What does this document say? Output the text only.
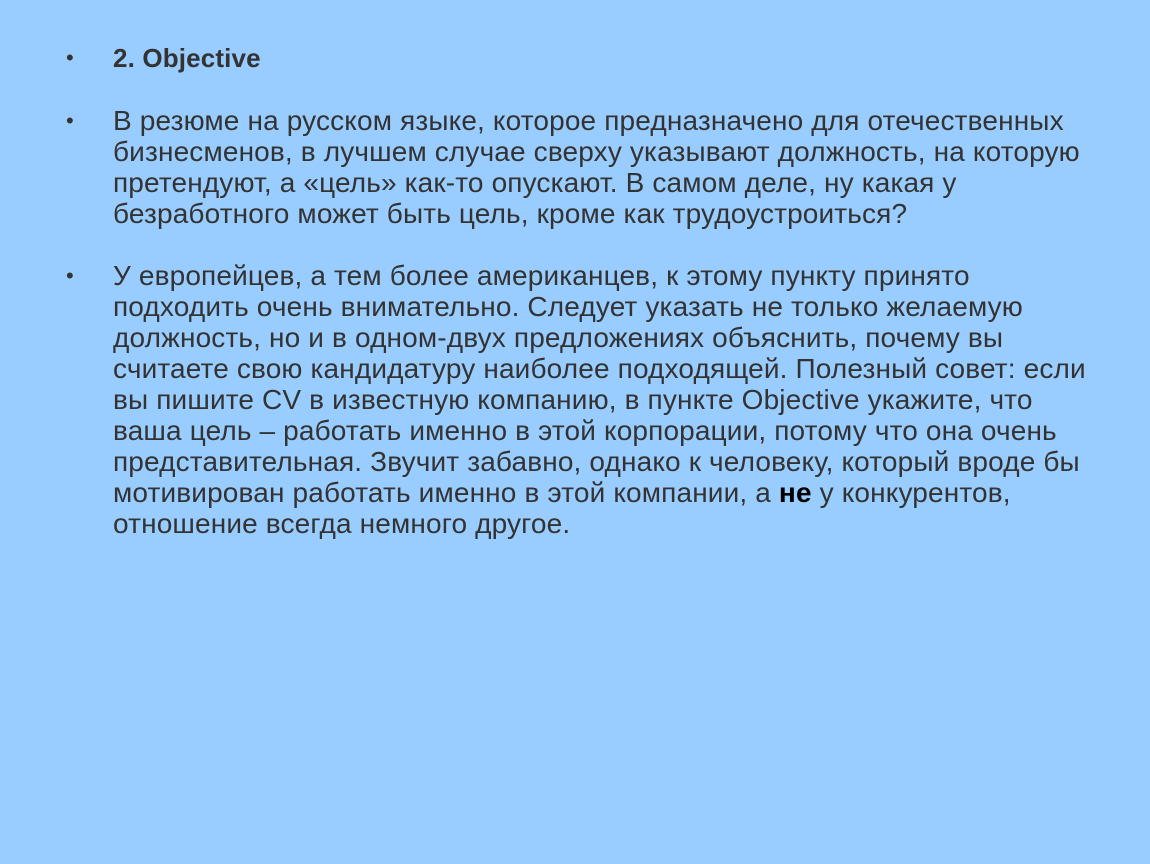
• 2. Objective
• В резюме на русском языке, которое предназначено для отечественных бизнесменов, в лучшем случае сверху указывают должность, на которую претендуют, а «цель» как-то опускают. В самом деле, ну какая у безработного может быть цель, кроме как трудоустроиться?
• У европейцев, а тем более американцев, к этому пункту принято подходить очень внимательно. Следует указать не только желаемую должность, но и в одном-двух предложениях объяснить, почему вы считаете свою кандидатуру наиболее подходящей. Полезный совет: если вы пишите CV в известную компанию, в пункте Objective укажите, что ваша цель – работать именно в этой корпорации, потому что она очень представительная. Звучит забавно, однако к человеку, который вроде бы мотивирован работать именно в этой компании, а не у конкурентов, отношение всегда немного другое.
